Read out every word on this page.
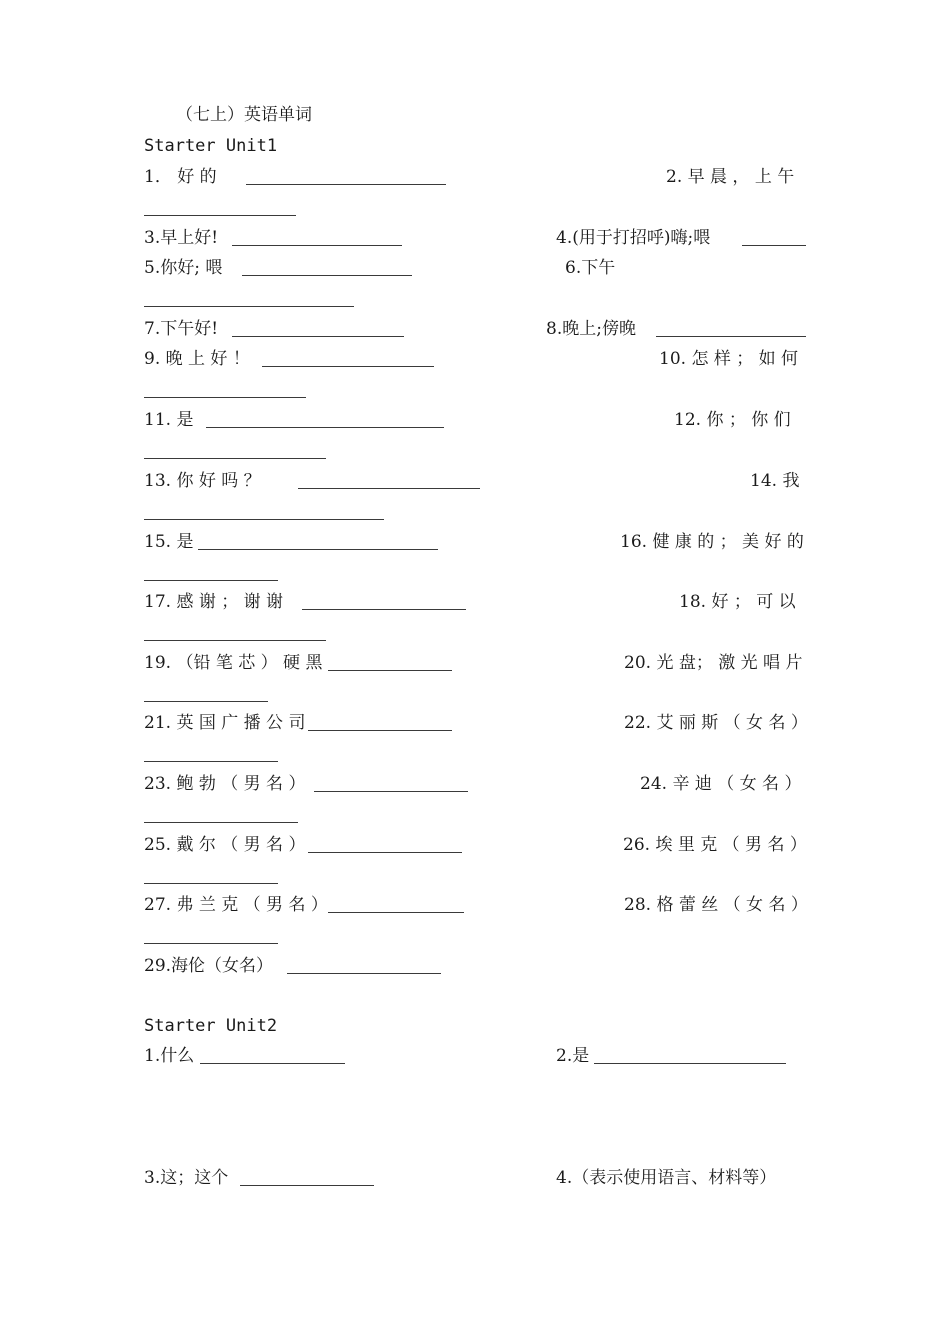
（七上）英语单词
Starter Unit1
1． 好 的	2. 早 晨 ， 上 午
3.早上好!	4.(用于打招呼)嗨;喂
5.你好; 喂	6.下午
7.下午好!	8.晚上;傍晚
9. 晚 上 好 ！	10. 怎 样 ； 如 何
11. 是	12. 你 ； 你 们
13. 你 好 吗 ？	14. 我
15. 是	16. 健 康 的 ； 美 好 的
17. 感 谢 ； 谢 谢	18. 好 ； 可 以
19. （铅 笔 芯 ） 硬 黑	20. 光 盘； 激 光 唱 片
21. 英 国 广 播 公 司	22. 艾 丽 斯 （ 女 名 ）
23. 鲍 勃 （ 男 名 ）	24. 辛 迪 （ 女 名 ）
25. 戴 尔 （ 男 名 ）	26. 埃 里 克 （ 男 名 ）
27. 弗 兰 克 （ 男 名 ）	28. 格 蕾 丝 （ 女 名 ）
29.海伦（女名）
Starter Unit2
1.什么	2.是
3.这；这个	4.（表示使用语言、材料等）
